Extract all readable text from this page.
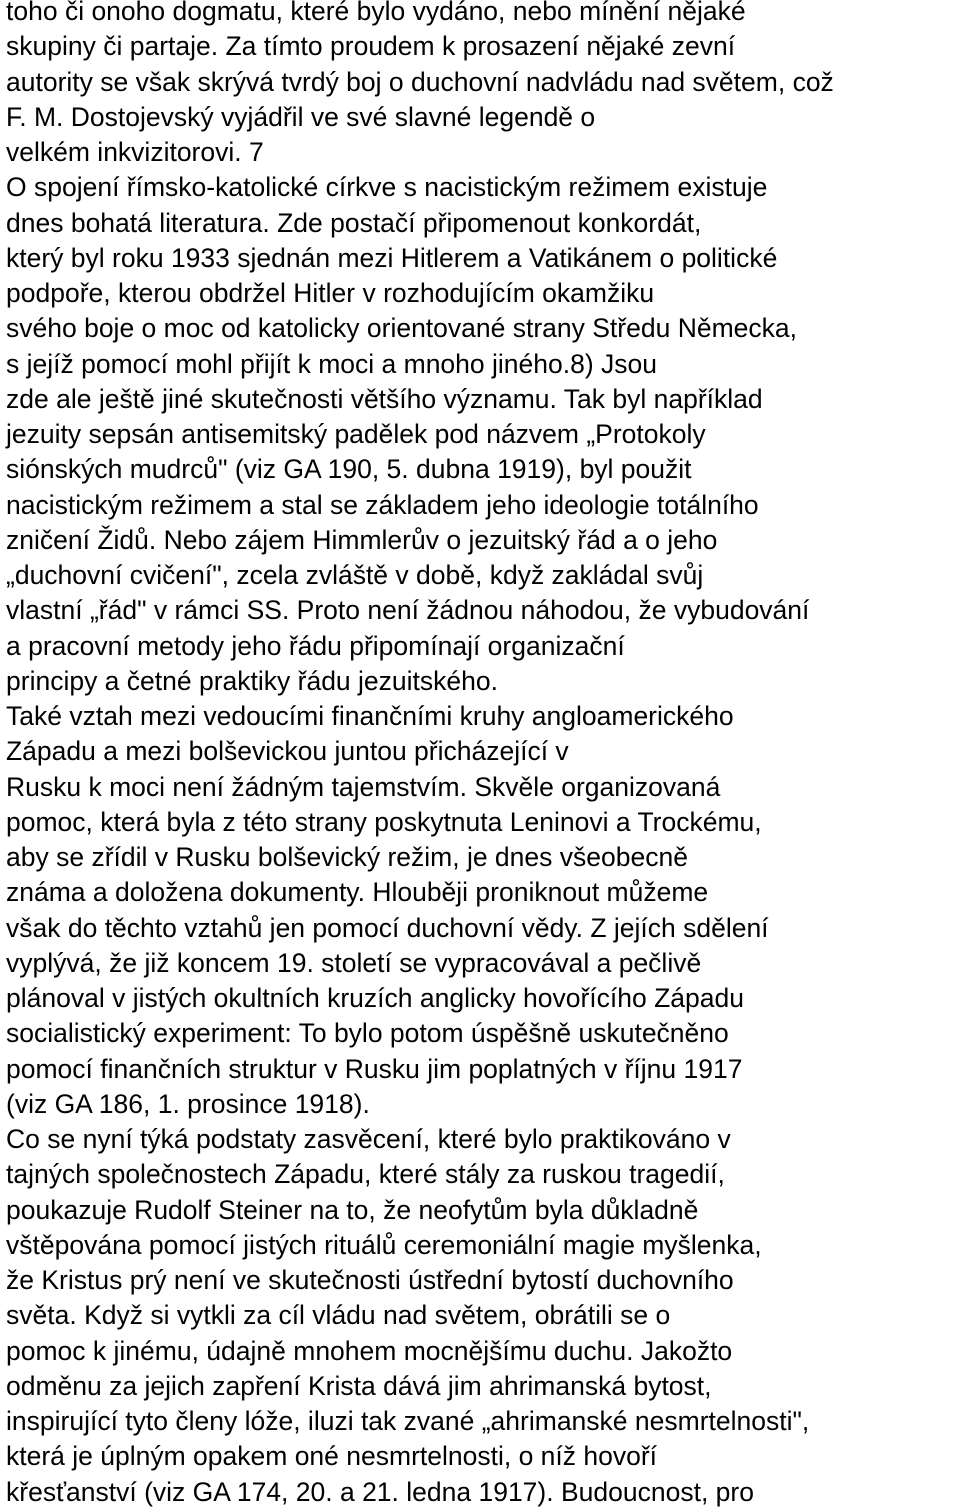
toho či onoho dogmatu, které bylo vydáno, nebo mínění nějaké
skupiny či partaje. Za tímto proudem k prosazení nějaké zevní
autority se však skrývá tvrdý boj o duchovní nadvládu nad světem, což
F. M. Dostojevský vyjádřil ve své slavné legendě o
velkém inkvizitorovi. 7
O spojení římsko-katolické církve s nacistickým režimem existuje
dnes bohatá literatura. Zde postačí připomenout konkordát,
který byl roku 1933 sjednán mezi Hitlerem a Vatikánem o politické
podpoře, kterou obdržel Hitler v rozhodujícím okamžiku
svého boje o moc od katolicky orientované strany Středu Německa,
s jejíž pomocí mohl přijít k moci a mnoho jiného.8) Jsou
zde ale ještě jiné skutečnosti většího významu. Tak byl například
jezuity sepsán antisemitský padělek pod názvem „Protokoly
siónských mudrců" (viz GA 190, 5. dubna 1919), byl použit
nacistickým režimem a stal se základem jeho ideologie totálního
zničení Židů. Nebo zájem Himmlerův o jezuitský řád a o jeho
„duchovní cvičení", zcela zvláště v době, když zakládal svůj
vlastní „řád" v rámci SS. Proto není žádnou náhodou, že vybudování
a pracovní metody jeho řádu připomínají organizační
principy a četné praktiky řádu jezuitského.
Také vztah mezi vedoucími finančními kruhy angloamerického
Západu a mezi bolševickou juntou přicházející v
Rusku k moci není žádným tajemstvím. Skvěle organizovaná
pomoc, která byla z této strany poskytnuta Leninovi a Trockému,
aby se zřídil v Rusku bolševický režim, je dnes všeobecně
známa a doložena dokumenty. Hlouběji proniknout můžeme
však do těchto vztahů jen pomocí duchovní vědy. Z jejích sdělení
vyplývá, že již koncem 19. století se vypracovával a pečlivě
plánoval v jistých okultních kruzích anglicky hovořícího Západu
socialistický experiment: To bylo potom úspěšně uskutečněno
pomocí finančních struktur v Rusku jim poplatných v říjnu 1917
(viz GA 186, 1. prosince 1918).
Co se nyní týká podstaty zasvěcení, které bylo praktikováno v
tajných společnostech Západu, které stály za ruskou tragedií,
poukazuje Rudolf Steiner na to, že neofytům byla důkladně
vštěpována pomocí jistých rituálů ceremoniální magie myšlenka,
že Kristus prý není ve skutečnosti ústřední bytostí duchovního
světa. Když si vytkli za cíl vládu nad světem, obrátili se o
pomoc k jinému, údajně mnohem mocnějšímu duchu. Jakožto
odměnu za jejich zapření Krista dává jim ahrimanská bytost,
inspirující tyto členy lóže, iluzi tak zvané „ahrimanské nesmrtelnosti",
která je úplným opakem oné nesmrtelnosti, o níž hovoří
křesťanství (viz GA 174, 20. a 21. ledna 1917). Budoucnost, pro
